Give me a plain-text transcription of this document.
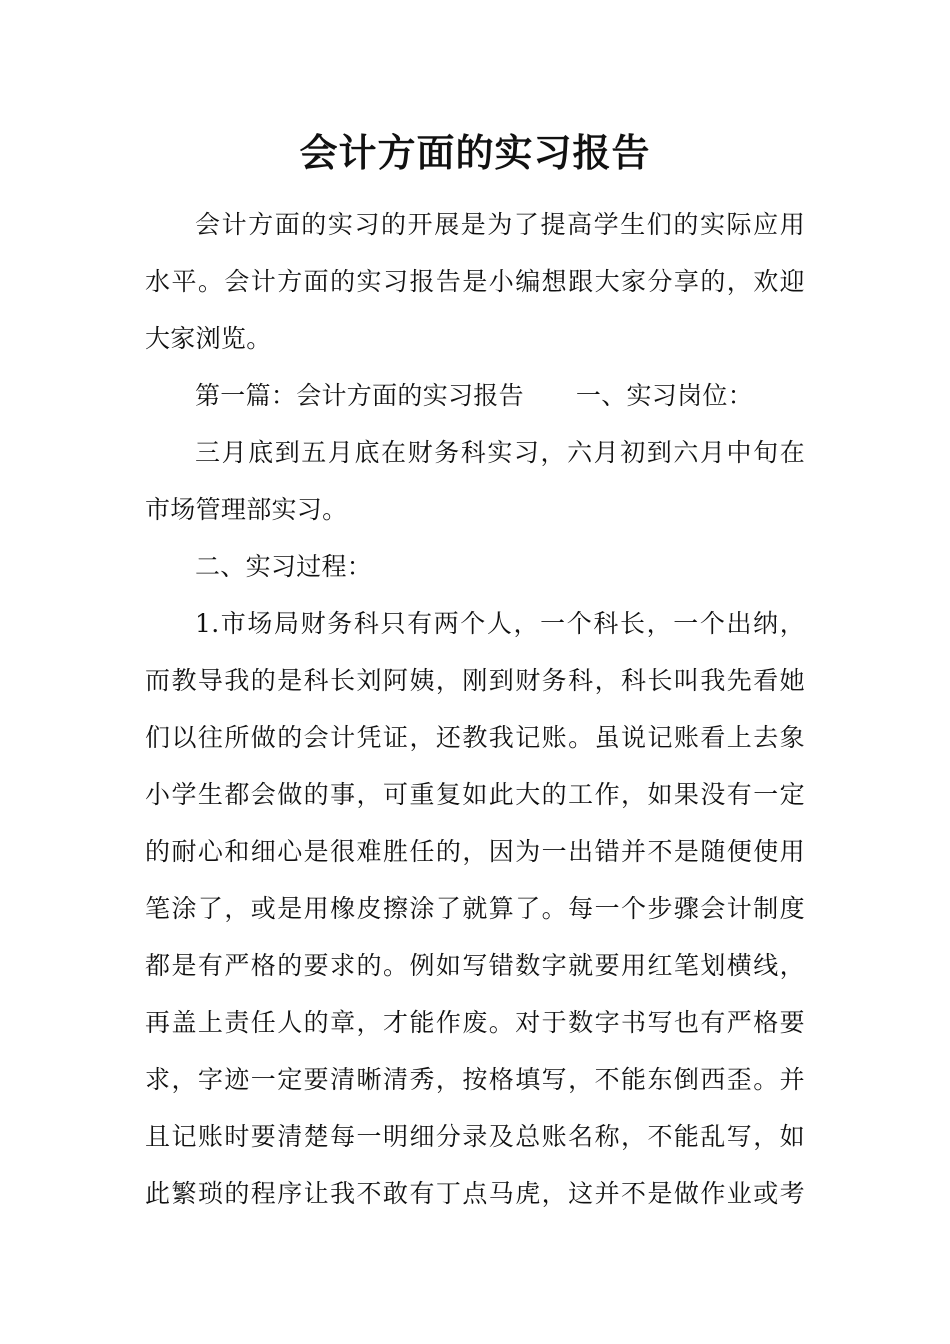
会计方面的实习报告
会计方面的实习的开展是为了提高学生们的实际应用
水平。会计方面的实习报告是小编想跟大家分享的，欢迎
大家浏览。
第一篇：会计方面的实习报告 一、实习岗位：
三月底到五月底在财务科实习，六月初到六月中旬在
市场管理部实习。
二、实习过程：
1.市场局财务科只有两个人，一个科长，一个出纳，
而教导我的是科长刘阿姨，刚到财务科，科长叫我先看她
们以往所做的会计凭证，还教我记账。虽说记账看上去象
小学生都会做的事，可重复如此大的工作，如果没有一定
的耐心和细心是很难胜任的，因为一出错并不是随便使用
笔涂了，或是用橡皮擦涂了就算了。每一个步骤会计制度
都是有严格的要求的。例如写错数字就要用红笔划横线，
再盖上责任人的章，才能作废。对于数字书写也有严格要
求，字迹一定要清晰清秀，按格填写，不能东倒西歪。并
且记账时要清楚每一明细分录及总账名称，不能乱写，如
此繁琐的程序让我不敢有丁点马虎，这并不是做作业或考
